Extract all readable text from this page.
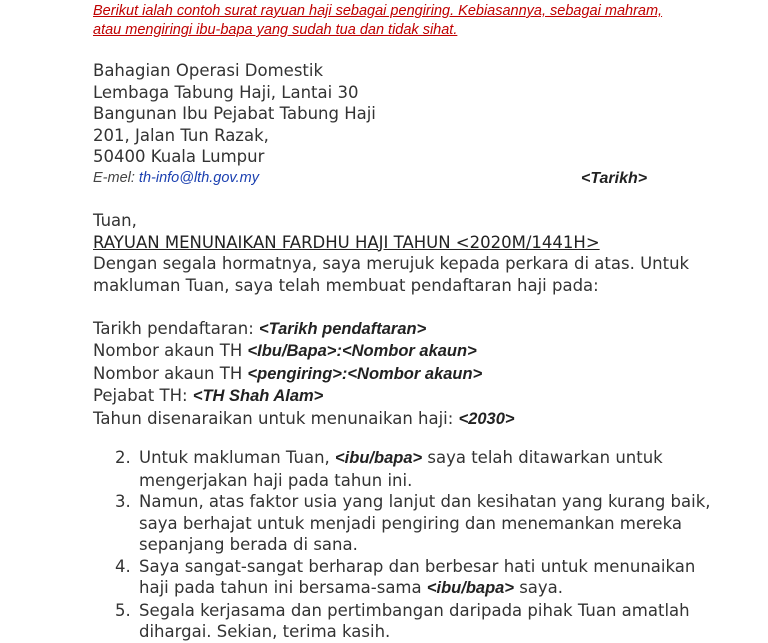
Berikut ialah contoh surat rayuan haji sebagai pengiring. Kebiasannya, sebagai mahram,
atau mengiringi ibu-bapa yang sudah tua dan tidak sihat.
Bahagian Operasi Domestik
Lembaga Tabung Haji, Lantai 30
Bangunan Ibu Pejabat Tabung Haji
201, Jalan Tun Razak,
50400 Kuala Lumpur
E-mel: th-info@lth.gov.my	<Tarikh>
Tuan,
RAYUAN MENUNAIKAN FARDHU HAJI TAHUN <2020M/1441H>
Dengan segala hormatnya, saya merujuk kepada perkara di atas. Untuk
makluman Tuan, saya telah membuat pendaftaran haji pada:
Tarikh pendaftaran: <Tarikh pendaftaran>
Nombor akaun TH <Ibu/Bapa>:<Nombor akaun>
Nombor akaun TH <pengiring>:<Nombor akaun>
Pejabat TH: <TH Shah Alam>
Tahun disenaraikan untuk menunaikan haji: <2030>
2. Untuk makluman Tuan, <ibu/bapa> saya telah ditawarkan untuk
mengerjakan haji pada tahun ini.
3. Namun, atas faktor usia yang lanjut dan kesihatan yang kurang baik,
saya berhajat untuk menjadi pengiring dan menemankan mereka
sepanjang berada di sana.
4. Saya sangat-sangat berharap dan berbesar hati untuk menunaikan
haji pada tahun ini bersama-sama <ibu/bapa> saya.
5. Segala kerjasama dan pertimbangan daripada pihak Tuan amatlah
dihargai. Sekian, terima kasih.
